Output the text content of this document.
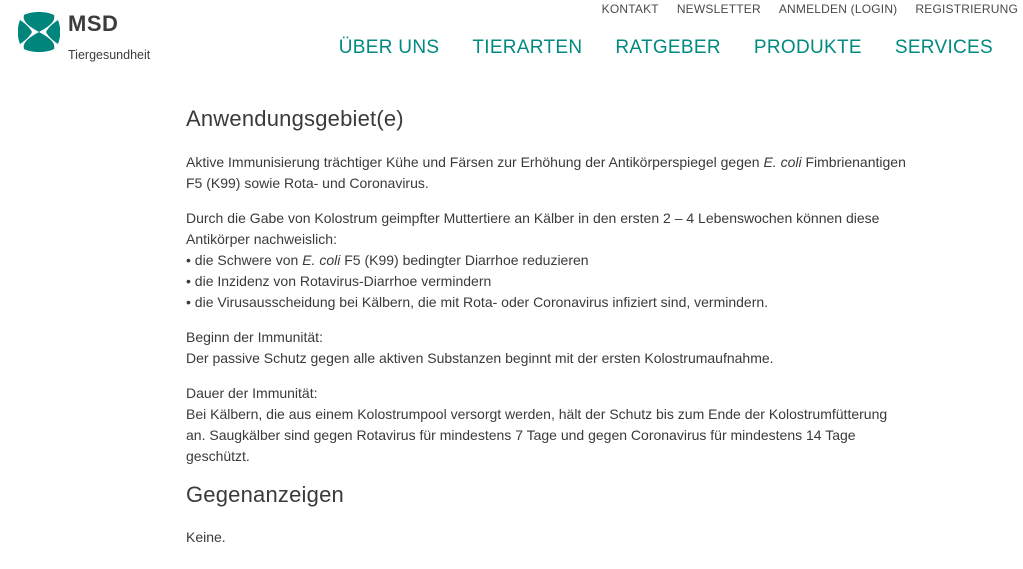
MSD
Tiergesundheit
KONTAKT NEWSLETTER ANMELDEN (LOGIN) REGISTRIERUNG
ÜBER UNS TIERARTEN RATGEBER PRODUKTE SERVICES
Anwendungsgebiet(e)

Aktive Immunisierung trächtiger Kühe und Färsen zur Erhöhung der Antikörperspiegel gegen E. coli Fimbrienantigen F5 (K99) sowie Rota- und Coronavirus.

Durch die Gabe von Kolostrum geimpfter Muttertiere an Kälber in den ersten 2 – 4 Lebenswochen können diese Antikörper nachweislich:

• die Schwere von E. coli F5 (K99) bedingter Diarrhoe reduzieren
• die Inzidenz von Rotavirus-Diarrhoe vermindern
• die Virusausscheidung bei Kälbern, die mit Rota- oder Coronavirus infiziert sind, vermindern.

Beginn der Immunität:
Der passive Schutz gegen alle aktiven Substanzen beginnt mit der ersten Kolostrumaufnahme.

Dauer der Immunität:
Bei Kälbern, die aus einem Kolostrumpool versorgt werden, hält der Schutz bis zum Ende der Kolostrumfütterung an. Saugkälber sind gegen Rotavirus für mindestens 7 Tage und gegen Coronavirus für mindestens 14 Tage geschützt.

Gegenanzeigen

Keine.
